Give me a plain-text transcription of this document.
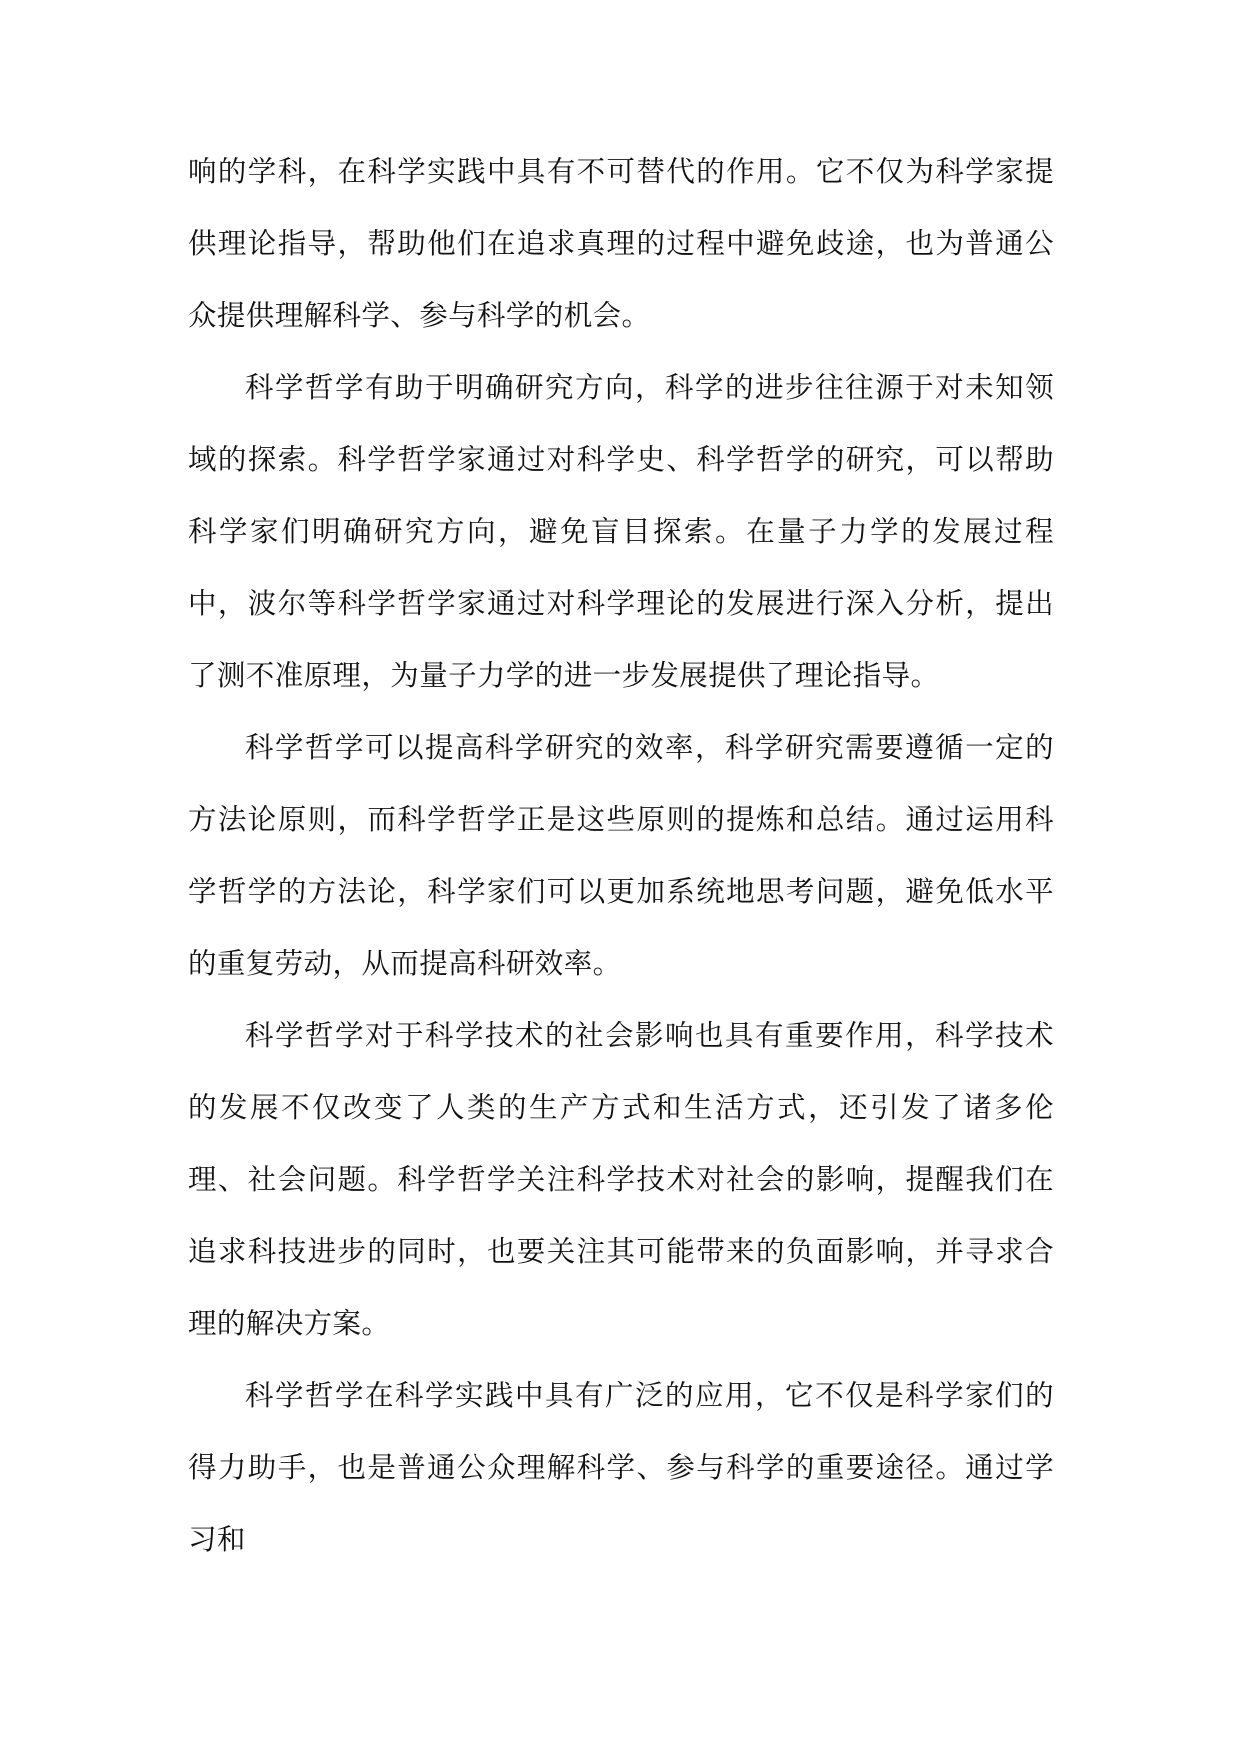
响的学科，在科学实践中具有不可替代的作用。它不仅为科学家提供理论指导，帮助他们在追求真理的过程中避免歧途，也为普通公众提供理解科学、参与科学的机会。

科学哲学有助于明确研究方向，科学的进步往往源于对未知领域的探索。科学哲学家通过对科学史、科学哲学的研究，可以帮助科学家们明确研究方向，避免盲目探索。在量子力学的发展过程中，波尔等科学哲学家通过对科学理论的发展进行深入分析，提出了测不准原理，为量子力学的进一步发展提供了理论指导。

科学哲学可以提高科学研究的效率，科学研究需要遵循一定的方法论原则，而科学哲学正是这些原则的提炼和总结。通过运用科学哲学的方法论，科学家们可以更加系统地思考问题，避免低水平的重复劳动，从而提高科研效率。

科学哲学对于科学技术的社会影响也具有重要作用，科学技术的发展不仅改变了人类的生产方式和生活方式，还引发了诸多伦理、社会问题。科学哲学关注科学技术对社会的影响，提醒我们在追求科技进步的同时，也要关注其可能带来的负面影响，并寻求合理的解决方案。

科学哲学在科学实践中具有广泛的应用，它不仅是科学家们的得力助手，也是普通公众理解科学、参与科学的重要途径。通过学习和
